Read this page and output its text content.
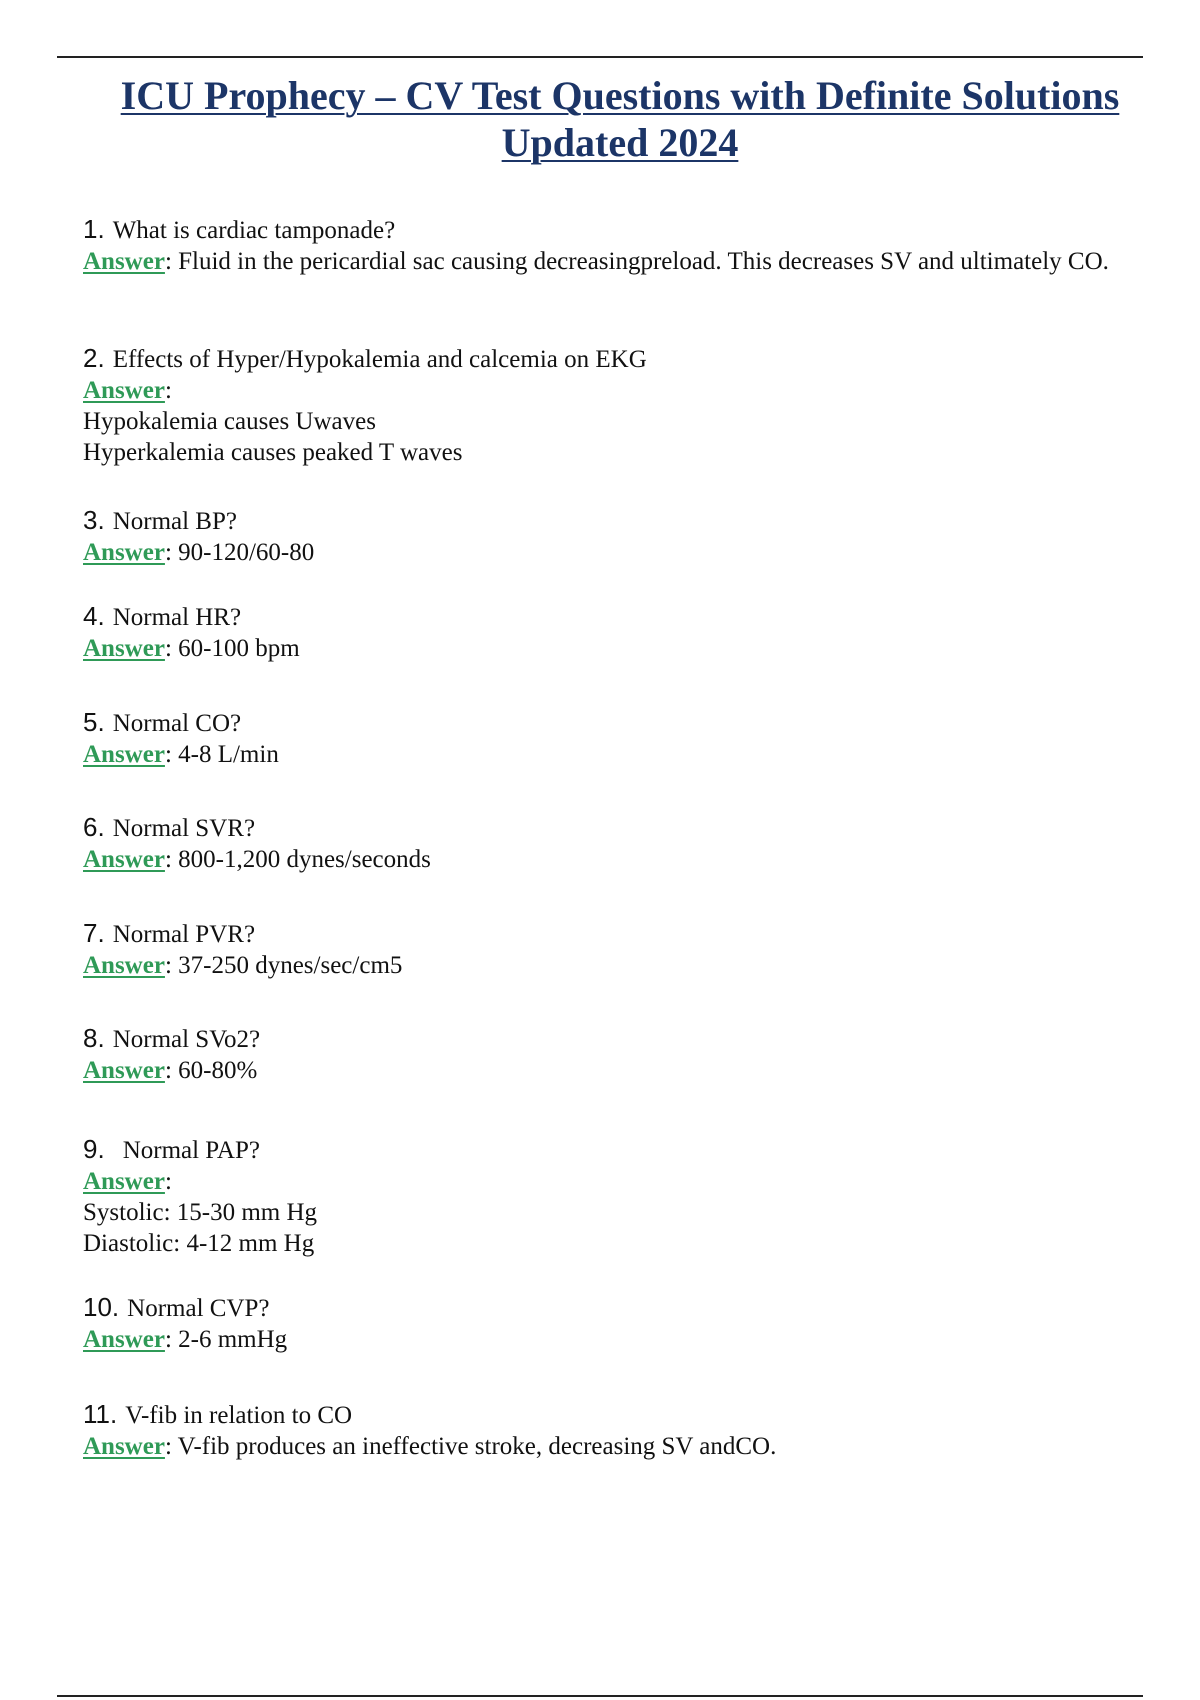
ICU Prophecy – CV Test Questions with Definite Solutions
Updated 2024
1. What is cardiac tamponade?
Answer: Fluid in the pericardial sac causing decreasingpreload. This decreases SV and ultimately CO.
2. Effects of Hyper/Hypokalemia and calcemia on EKG
Answer:
Hypokalemia causes Uwaves
Hyperkalemia causes peaked T waves
3. Normal BP?
Answer: 90-120/60-80
4. Normal HR?
Answer: 60-100 bpm
5. Normal CO?
Answer: 4-8 L/min
6. Normal SVR?
Answer: 800-1,200 dynes/seconds
7. Normal PVR?
Answer: 37-250 dynes/sec/cm5
8. Normal SVo2?
Answer: 60-80%
9. Normal PAP?
Answer:
Systolic: 15-30 mm Hg
Diastolic: 4-12 mm Hg
10. Normal CVP?
Answer: 2-6 mmHg
11. V-fib in relation to CO
Answer: V-fib produces an ineffective stroke, decreasing SV andCO.
